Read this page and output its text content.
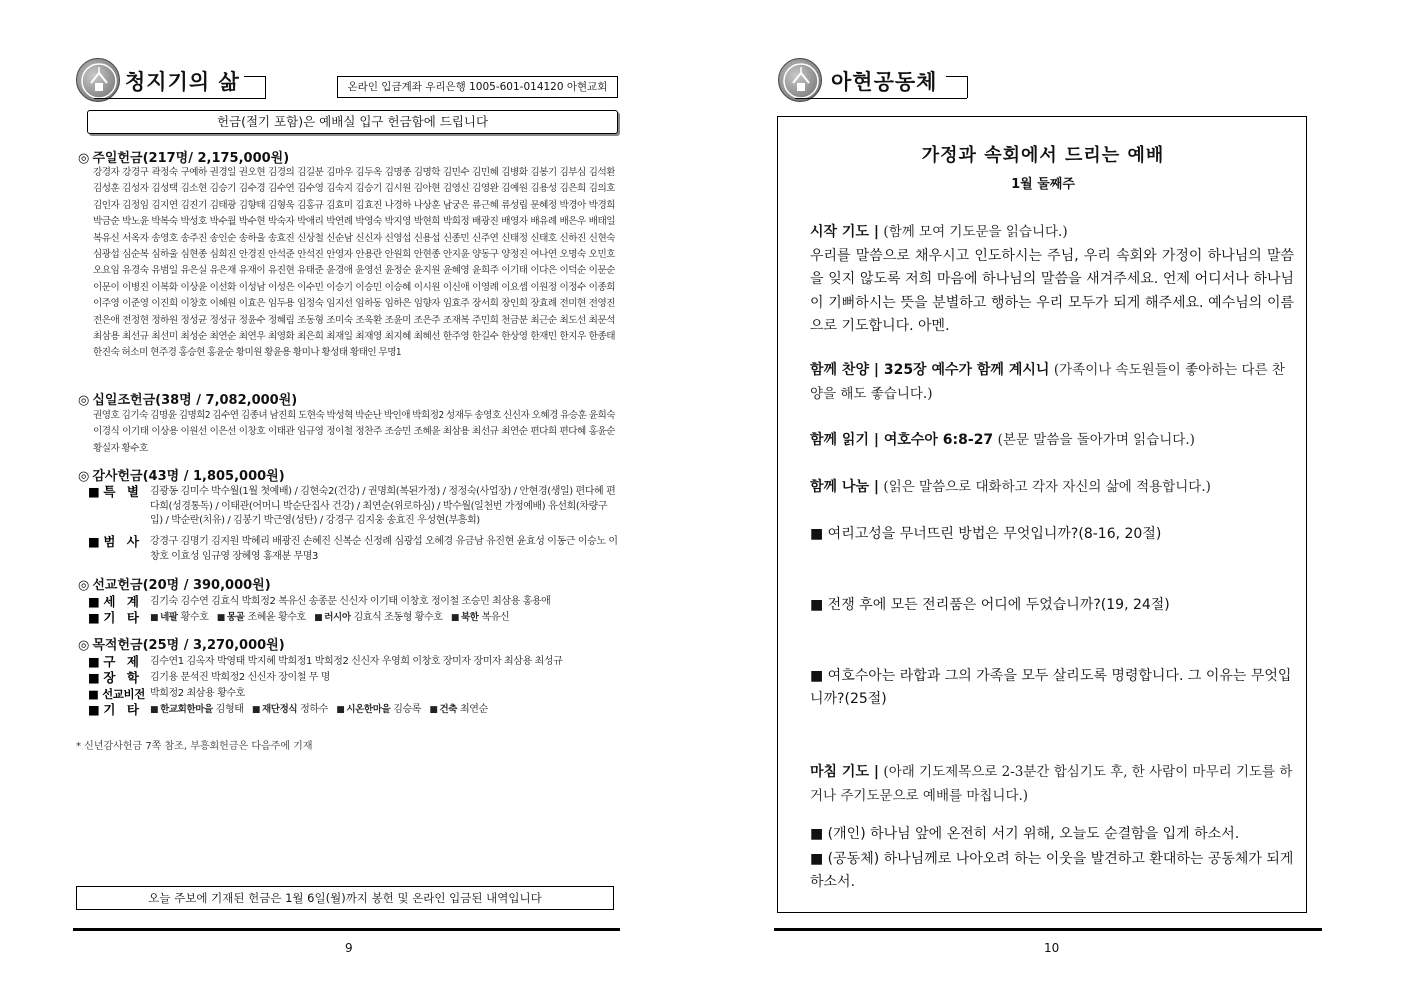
청지기의 삶	온라인 입금계좌 우리은행 1005-601-014120 아현교회
헌금(절기 포함)은 예배실 입구 헌금함에 드립니다
◎ 주일헌금(217명/ 2,175,000원)
강경자 강경구 곽정숙 구예하 권경일 권오현 김경의 김길분 김마우 김두옥 김명종 김명학 김민수 김민혜 김병화 김봉기 김부심 김석환 김성훈 김성자 김성택 김소현 김승기 김수경 김수연 김수영 김숙지 김승기 김시원 김아현 김영신 김영완 김예원 김용성 김은희 김의호 김인자 김정임 김지연 김진기 김태광 김향태 김형욱 김홍규 김효미 김효진 나경하 나상훈 남궁은 류근혜 류성립 문혜정 박경아 박경희 박금순 박노윤 박복숙 박성호 박수월 박수현 박숙자 박애리 박연례 박영숙 박지영 박현희 박희정 배광진 배영자 배유례 배은우 배태일 복유신 서옥자 송영호 송주진 송인순 송하울 송효진 신상철 신순남 신신자 신영섭 신용섭 신종민 신주연 신태정 신태호 신하진 신현숙 심광섭 심순복 심하울 심현종 심희진 안경진 안석준 안석진 안영자 안용란 안원희 안현종 안지윤 양동구 양정진 여나연 오명숙 오민호 오요임 유경숙 유범일 유은실 유은재 유재이 유진현 유태준 윤경애 윤영선 윤정순 윤지원 윤혜영 윤희주 이기태 이다은 이덕순 이문순 이문이 이병진 이복화 이상윤 이선화 이성남 이성은 이수민 이승기 이승민 이승혜 이시원 이신애 이영례 이요셉 이원정 이정수 이종희 이주영 이준영 이진희 이창호 이혜원 이효은 임두용 임정숙 임지선 임하동 임하은 임향자 임효주 장서희 장인희 장효례 전미현 전영진 전은애 전정현 정하원 정성균 정성규 정윤수 정혜림 조동형 조미숙 조욱환 조윤미 조은주 조재복 주민희 천금분 최근순 최도선 최문석 최삼용 최선규 최선미 최성순 최연순 최연우 최영화 최은희 최재일 최재영 최지혜 최혜선 한주영 한길수 한상영 한재민 한지우 한종태 한진숙 허소미 현주경 홍승현 홍윤순 황미원 황윤용 황미나 황성태 황태인 무명1
◎ 십일조헌금(38명 / 7,082,000원)
권영호 김기숙 김명윤 김명희2 김수연 김종녀 남진희 도현숙 박성혁 박순난 박인애 박희정2 성재두 송영호 신신자 오혜경 유승훈 윤희숙 이경식 이기태 이상용 이원선 이은선 이창호 이태관 임규영 정이철 정찬주 조승민 조혜윤 최삼용 최선규 최연순 편다희 편다혜 홍윤순 황실자 황수호
◎ 감사헌금(43명 / 1,805,000원)
■ 특   별 김광동 김미수 박수월(1월 첫예배) / 김현숙2(건강) / 권명희(복된가정) / 정정숙(사업장) / 안현경(생일) 편다혜 편다희(성경통독) / 이태관(어머니 박순단집사 건강) / 최연순(위로하심) / 박수월(일천번 가정예배) 유선희(차량구입) / 박순란(치유) / 김봉기 박근영(성탄) / 강경구 김지웅 송효진 우성현(부흥회)
■ 범   사 강경구 김명기 김지원 박혜리 배광진 손혜진 신복순 신정례 심광섭 오혜경 유금남 유진현 윤효성 이동근 이승노 이창호 이효성 임규영 장혜영 홍재분 무명3
◎ 선교헌금(20명 / 390,000원)
■ 세   계 김기숙 김수연 김효식 박희정2 복유신 송종문 신신자 이기태 이창호 정이철 조승민 최삼용 홍용애
■ 기   타 ■ 네팔 황수호 ■ 몽골 조혜윤 황수호 ■ 러시아 김효식 조동형 황수호 ■ 북한 복유신
◎ 목적헌금(25명 / 3,270,000원)
■ 구   제 김수연1 김옥자 박영태 박지혜 박희정1 박희정2 신신자 우영희 이창호 장미자 장미자 최삼용 최성규
■ 장   학 김기용 문석진 박희정2 신신자 장이철 무 명
■ 선교비전 박희정2 최삼용 황수호
■ 기   타 ■ 한교회한마을 김형태 ■ 재단정식 정하수 ■ 시온한마을 김승록 ■ 건축 최연순
* 신년감사헌금 7쪽 참조, 부흥회헌금은 다음주에 기재
오늘 주보에 기재된 헌금은 1월 6일(월)까지 봉헌 및 온라인 입금된 내역입니다
9
아현공동체
가정과 속회에서 드리는 예배
1월 둘째주
시작 기도 | (함께 모여 기도문을 읽습니다.)
우리를 말씀으로 채우시고 인도하시는 주님, 우리 속회와 가정이 하나님의 말씀을 잊지 않도록 저희 마음에 하나님의 말씀을 새겨주세요. 언제 어디서나 하나님이 기뻐하시는 뜻을 분별하고 행하는 우리 모두가 되게 해주세요. 예수님의 이름으로 기도합니다. 아멘.
함께 찬양 | 325장 예수가 함께 계시니 (가족이나 속도원들이 좋아하는 다른 찬양을 해도 좋습니다.)
함께 읽기 | 여호수아 6:8-27 (본문 말씀을 돌아가며 읽습니다.)
함께 나눔 | (읽은 말씀으로 대화하고 각자 자신의 삶에 적용합니다.)
■ 여리고성을 무너뜨린 방법은 무엇입니까?(8-16, 20절)
■ 전쟁 후에 모든 전리품은 어디에 두었습니까?(19, 24절)
■ 여호수아는 라합과 그의 가족을 모두 살리도록 명령합니다. 그 이유는 무엇입니까?(25절)
마침 기도 | (아래 기도제목으로 2-3분간 합심기도 후, 한 사람이 마무리 기도를 하거나 주기도문으로 예배를 마칩니다.)
■ (개인) 하나님 앞에 온전히 서기 위해, 오늘도 순결함을 입게 하소서.
■ (공동체) 하나님께로 나아오려 하는 이웃을 발견하고 환대하는 공동체가 되게 하소서.
10
